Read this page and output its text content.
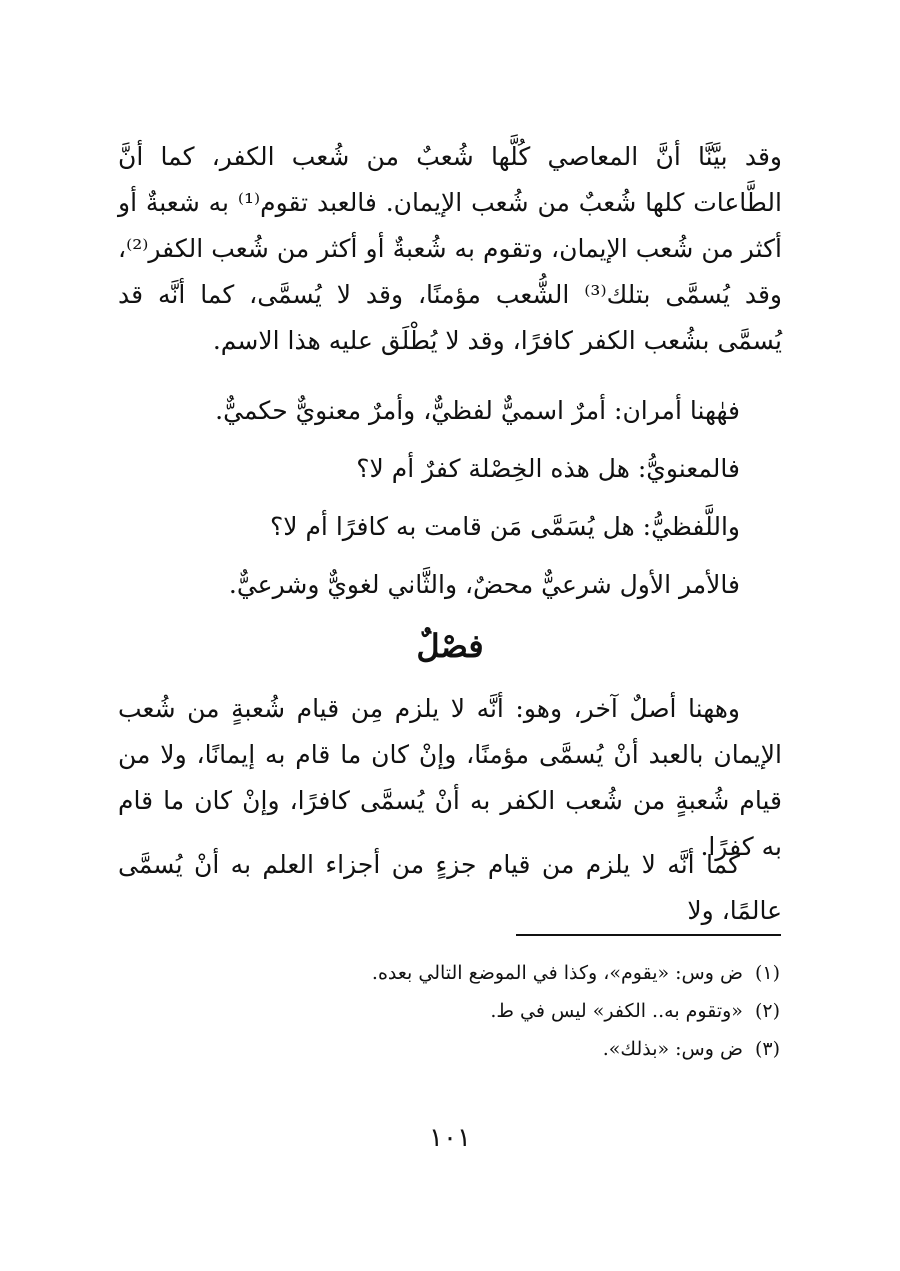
وقد بيَّنَّا أنَّ المعاصي كُلَّها شُعبٌ من شُعب الكفر، كما أنَّ الطَّاعات كلها شُعبٌ من شُعب الإيمان. فالعبد تقوم⁽¹⁾ به شعبةٌ أو أكثر من شُعب الإيمان، وتقوم به شُعبةٌ أو أكثر من شُعب الكفر⁽²⁾، وقد يُسمَّى بتلك⁽³⁾ الشُّعب مؤمنًا، وقد لا يُسمَّى، كما أنَّه قد يُسمَّى بشُعب الكفر كافرًا، وقد لا يُطْلَق عليه هذا الاسم.

فهٰهنا أمران: أمرٌ اسميٌّ لفظيٌّ، وأمرٌ معنويٌّ حكميٌّ.
فالمعنويُّ: هل هذه الخِصْلة كفرٌ أم لا؟
واللَّفظيُّ: هل يُسَمَّى مَن قامت به كافرًا أم لا؟
فالأمر الأول شرعيٌّ محضٌ، والثَّاني لغويٌّ وشرعيٌّ.
فصْلٌ

وههنا أصلٌ آخر، وهو: أنَّه لا يلزم مِن قيام شُعبةٍ من شُعب الإيمان بالعبد أنْ يُسمَّى مؤمنًا، وإنْ كان ما قام به إيمانًا، ولا من قيام شُعبةٍ من شُعب الكفر به أنْ يُسمَّى كافرًا، وإنْ كان ما قام به كفرًا.

كما أنَّه لا يلزم من قيام جزءٍ من أجزاء العلم به أنْ يُسمَّى عالمًا، ولا

(١)ض وس: «يقوم»، وكذا في الموضع التالي بعده.
(٢)«وتقوم به.. الكفر» ليس في ط.
(٣)ض وس: «بذلك».
١٠١
